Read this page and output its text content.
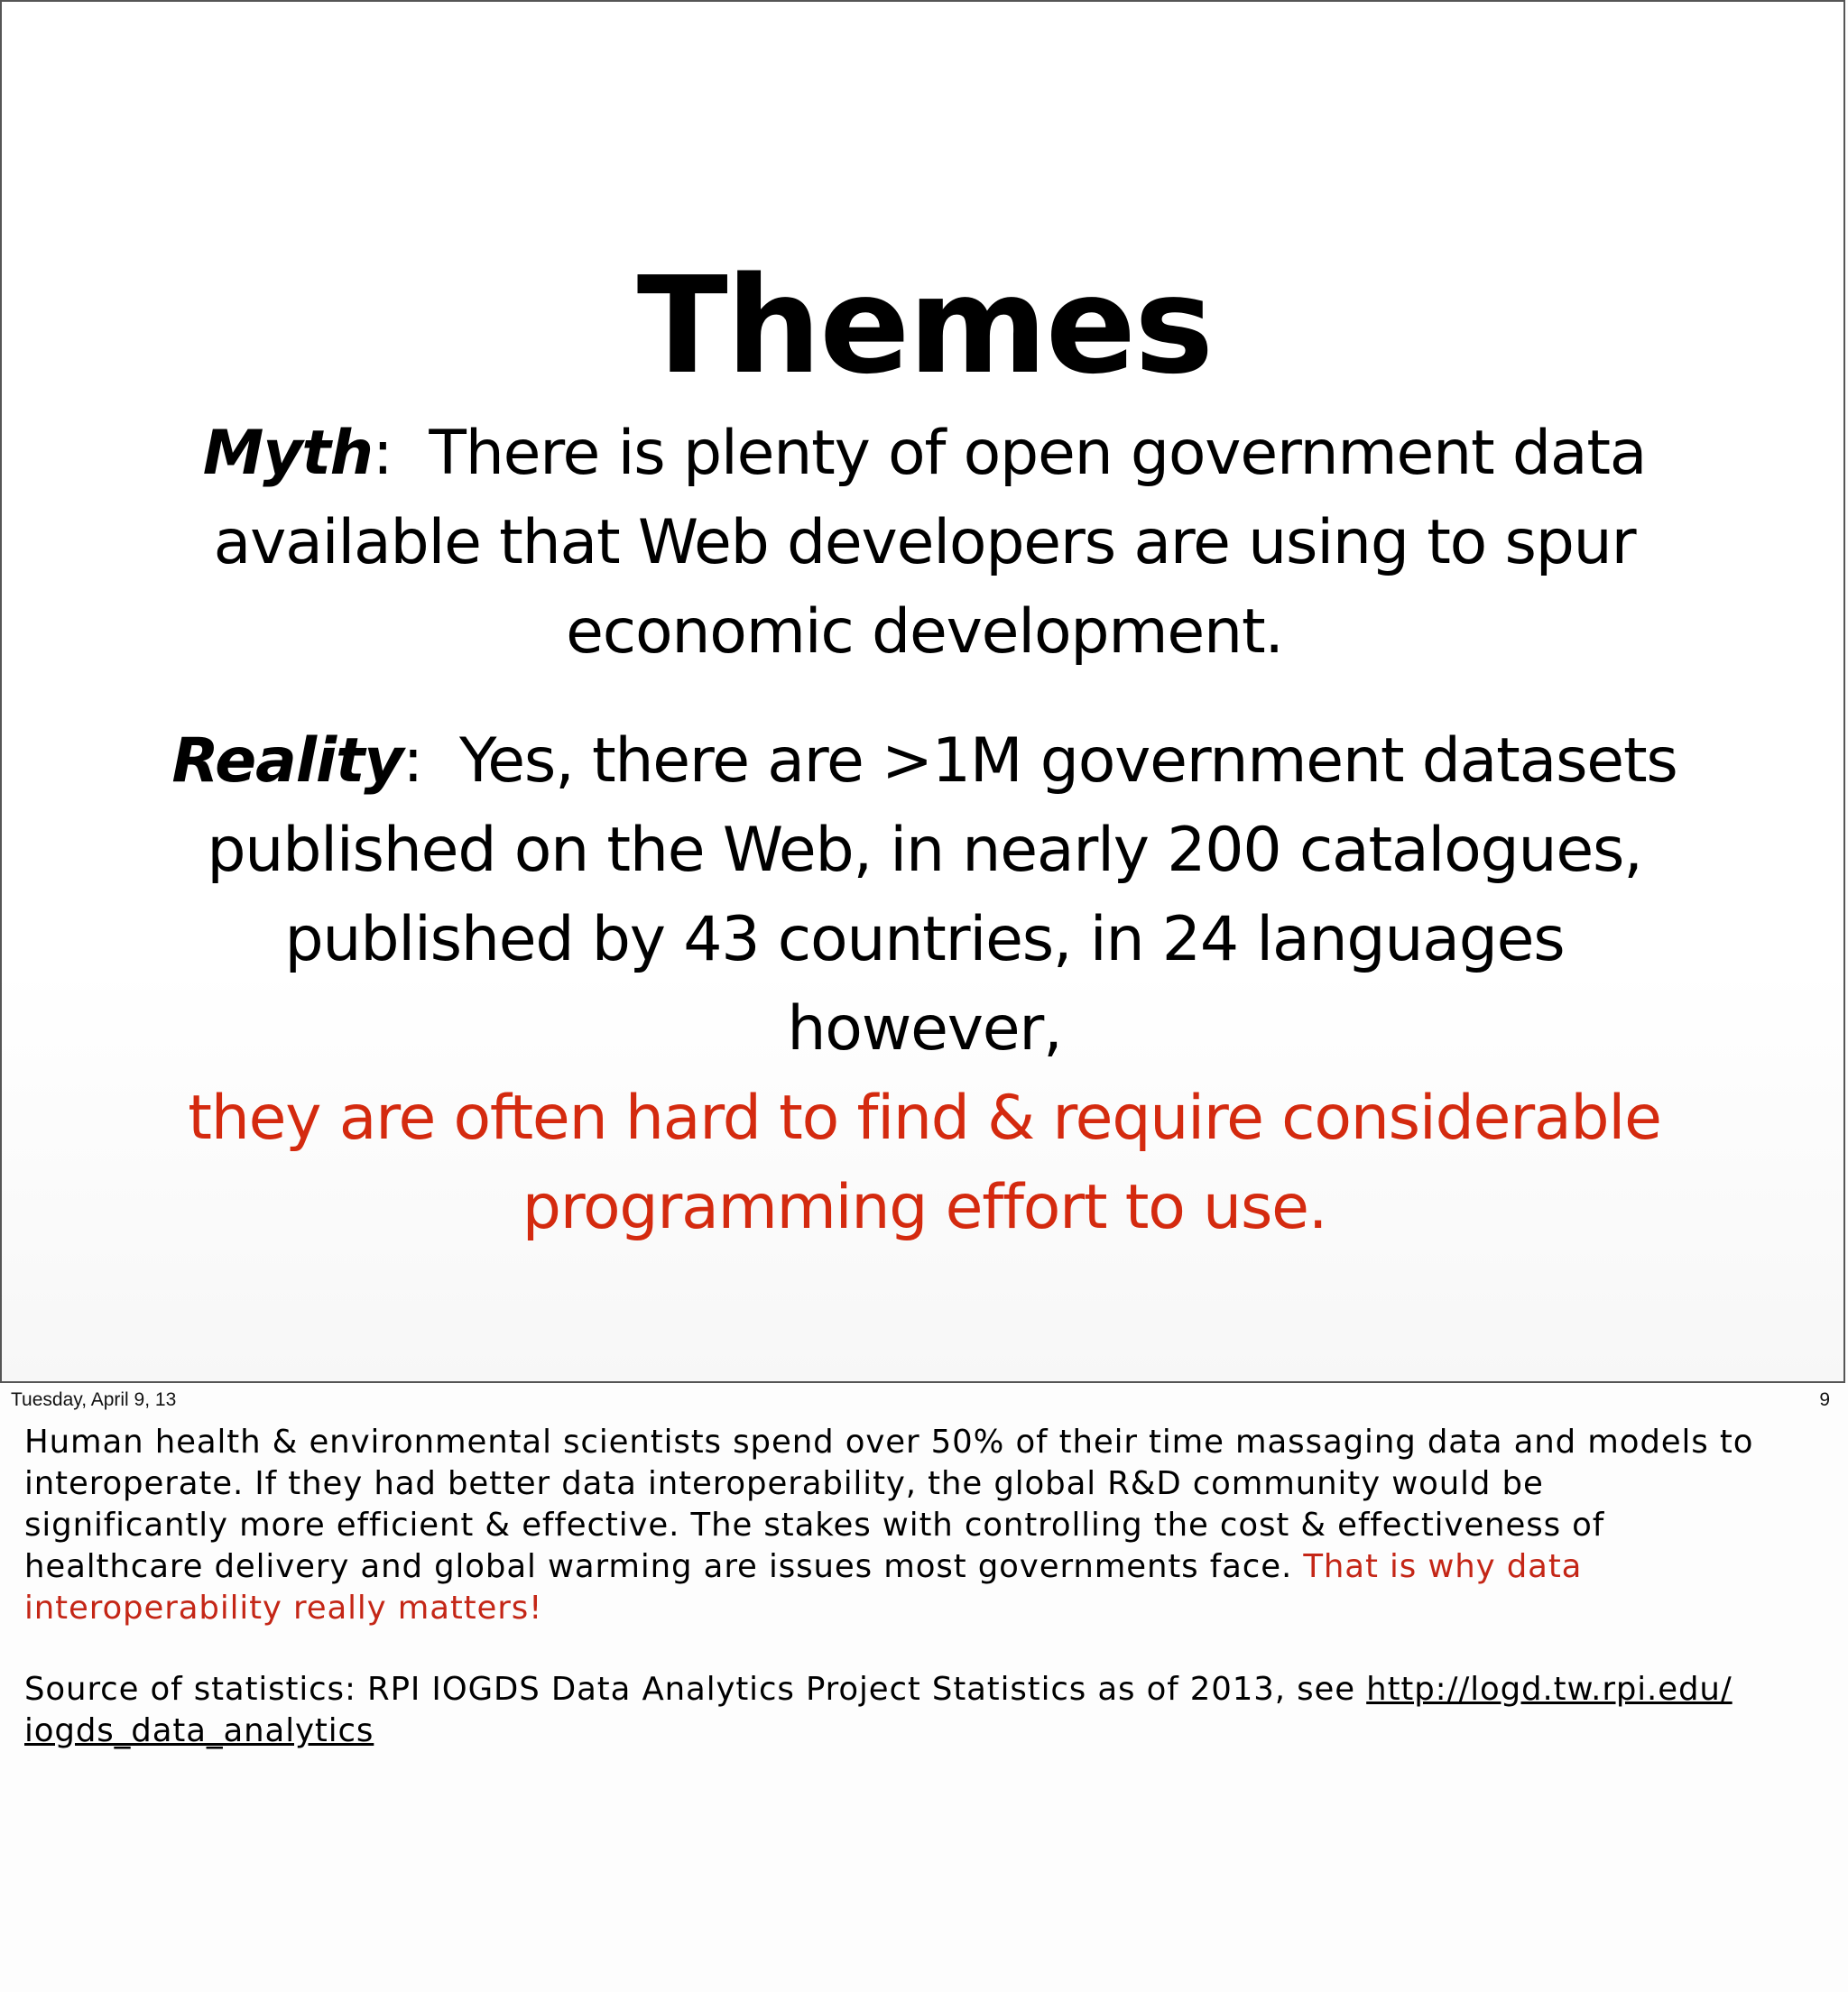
Themes
Myth: There is plenty of open government data
available that Web developers are using to spur
economic development.
Reality: Yes, there are >1M government datasets
published on the Web, in nearly 200 catalogues,
published by 43 countries, in 24 languages however,
they are often hard to find & require considerable
programming effort to use.
Tuesday, April 9, 13	9
Human health & environmental scientists spend over 50% of their time massaging data and models to
interoperate. If they had better data interoperability, the global R&D community would be
significantly more efficient & effective. The stakes with controlling the cost & effectiveness of
healthcare delivery and global warming are issues most governments face. That is why data
interoperability really matters!
Source of statistics: RPI IOGDS Data Analytics Project Statistics as of 2013, see http://logd.tw.rpi.edu/
iogds_data_analytics
